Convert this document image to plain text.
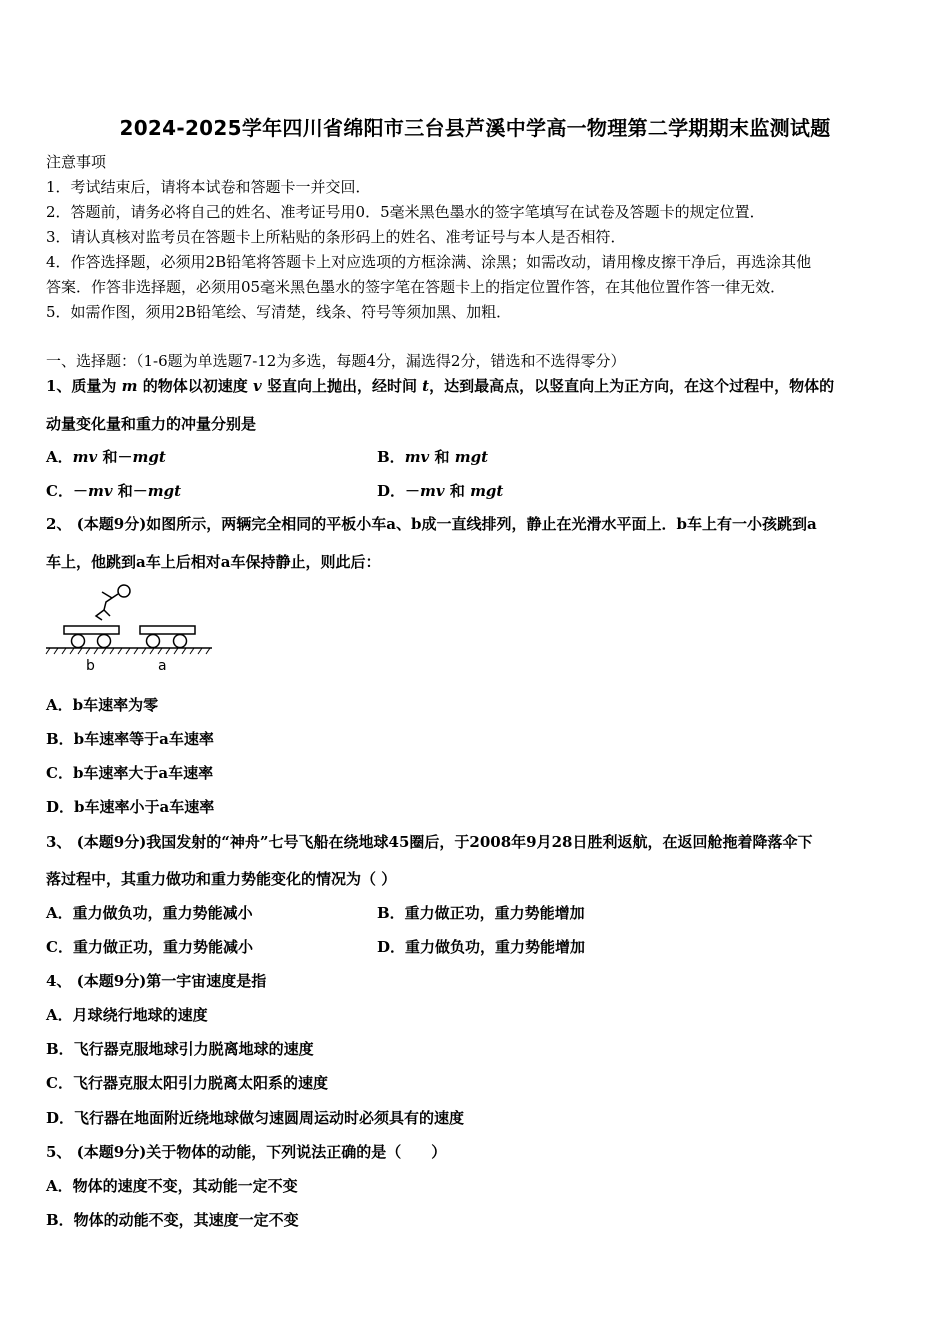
2024-2025学年四川省绵阳市三台县芦溪中学高一物理第二学期期末监测试题
注意事项
1．考试结束后，请将本试卷和答题卡一并交回．
2．答题前，请务必将自己的姓名、准考证号用0．5毫米黑色墨水的签字笔填写在试卷及答题卡的规定位置．
3．请认真核对监考员在答题卡上所粘贴的条形码上的姓名、准考证号与本人是否相符．
4．作答选择题，必须用2B铅笔将答题卡上对应选项的方框涂满、涂黑；如需改动，请用橡皮擦干净后，再选涂其他
答案．作答非选择题，必须用05毫米黑色墨水的签字笔在答题卡上的指定位置作答，在其他位置作答一律无效．
5．如需作图，须用2B铅笔绘、写清楚，线条、符号等须加黑、加粗．
一、选择题：（1-6题为单选题7-12为多选，每题4分，漏选得2分，错选和不选得零分）
1、质量为 m 的物体以初速度 v 竖直向上抛出，经时间 t，达到最高点，以竖直向上为正方向，在这个过程中，物体的
动量变化量和重力的冲量分别是
A．mv 和－mgt	B．mv 和 mgt
C．－mv 和－mgt	D．－mv 和 mgt
2、 (本题9分)如图所示，两辆完全相同的平板小车a、b成一直线排列，静止在光滑水平面上．b车上有一小孩跳到a
车上，他跳到a车上后相对a车保持静止，则此后：
b	a
A．b车速率为零
B．b车速率等于a车速率
C．b车速率大于a车速率
D．b车速率小于a车速率
3、 (本题9分)我国发射的“神舟”七号飞船在绕地球45圈后，于2008年9月28日胜利返航，在返回舱拖着降落伞下
落过程中，其重力做功和重力势能变化的情况为（ ）
A．重力做负功，重力势能减小	B．重力做正功，重力势能增加
C．重力做正功，重力势能减小	D．重力做负功，重力势能增加
4、 (本题9分)第一宇宙速度是指
A．月球绕行地球的速度
B．飞行器克服地球引力脱离地球的速度
C．飞行器克服太阳引力脱离太阳系的速度
D．飞行器在地面附近绕地球做匀速圆周运动时必须具有的速度
5、 (本题9分)关于物体的动能，下列说法正确的是（　　）
A．物体的速度不变，其动能一定不变
B．物体的动能不变，其速度一定不变
